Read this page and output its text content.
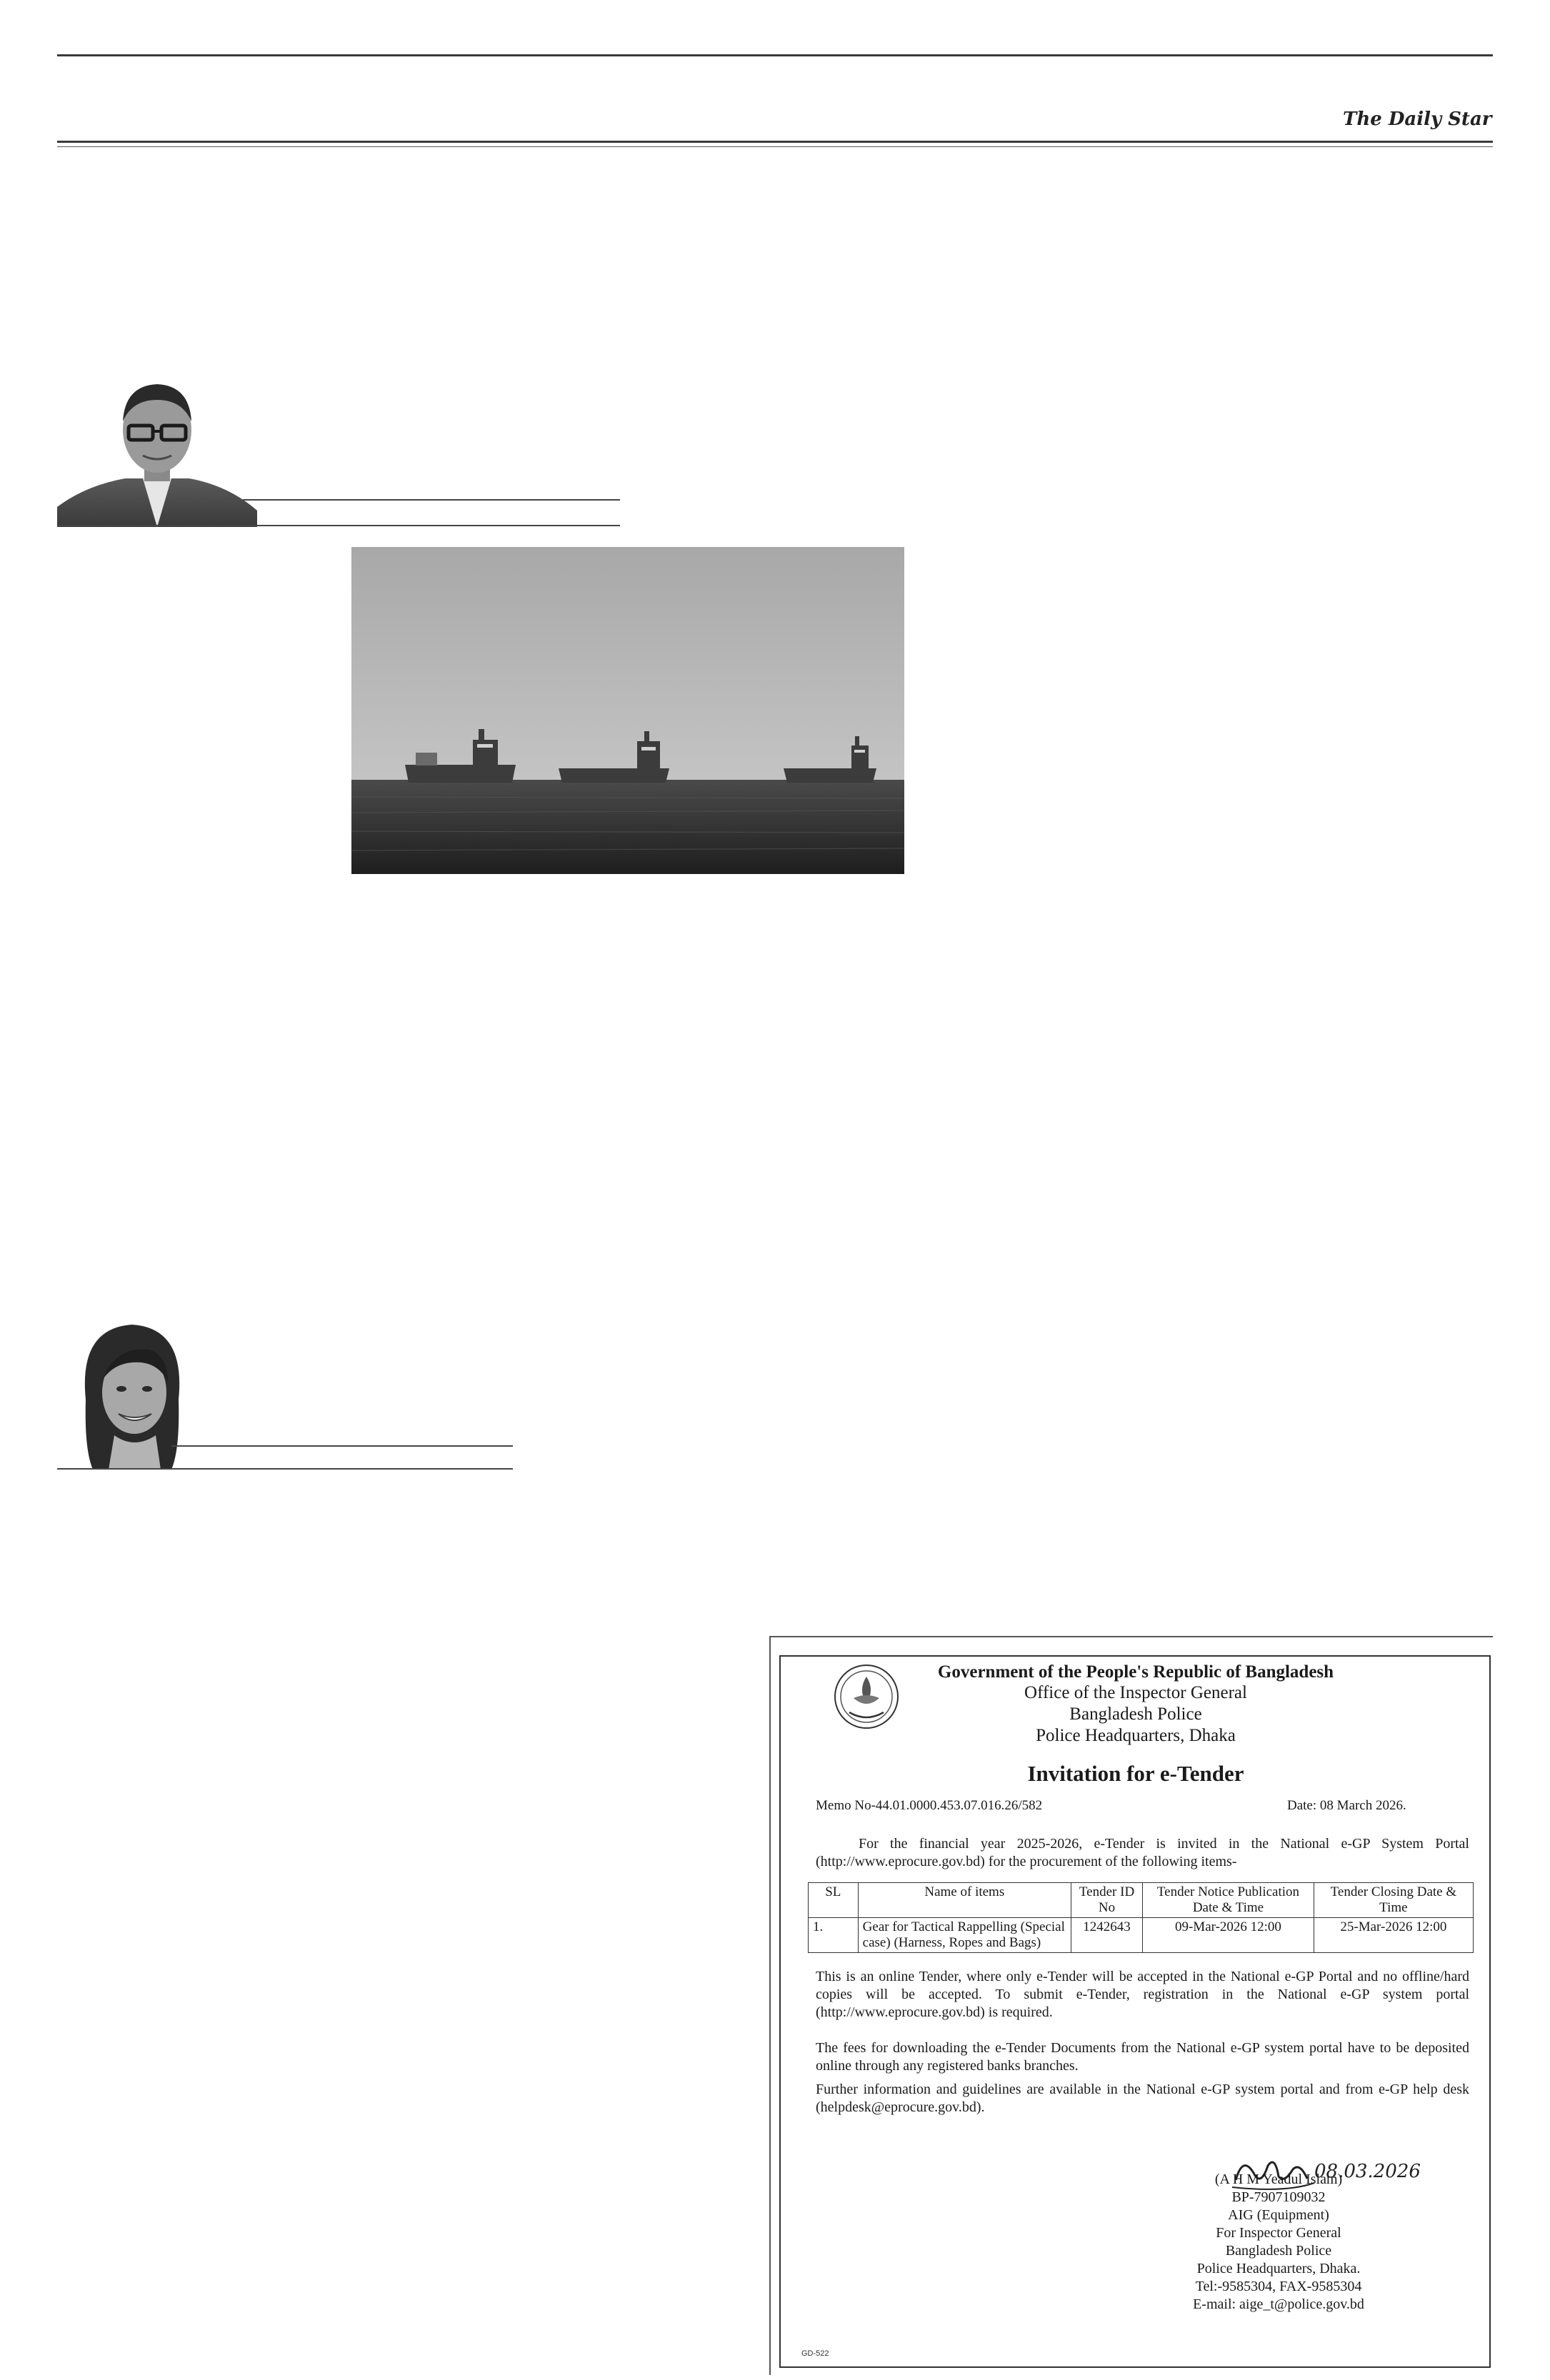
The Daily Star
Government of the People's Republic of Bangladesh
Office of the Inspector General
Bangladesh Police
Police Headquarters, Dhaka
Invitation for e-Tender
Memo No-44.01.0000.453.07.016.26/582	Date: 08 March 2026.
For the financial year 2025-2026, e-Tender is invited in the National e-GP System Portal (http://www.eprocure.gov.bd) for the procurement of the following items-
SL	Name of items	Tender ID No	Tender Notice Publication Date & Time	Tender Closing Date & Time
1.	Gear for Tactical Rappelling (Special case) (Harness, Ropes and Bags)	1242643	09-Mar-2026 12:00	25-Mar-2026 12:00
This is an online Tender, where only e-Tender will be accepted in the National e-GP Portal and no offline/hard copies will be accepted. To submit e-Tender, registration in the National e-GP system portal (http://www.eprocure.gov.bd) is required.
The fees for downloading the e-Tender Documents from the National e-GP system portal have to be deposited online through any registered banks branches.
Further information and guidelines are available in the National e-GP system portal and from e-GP help desk (helpdesk@eprocure.gov.bd).
08.03.2026
(A H M Yeadul Islam)
BP-7907109032
AIG (Equipment)
For Inspector General
Bangladesh Police
Police Headquarters, Dhaka.
Tel:-9585304, FAX-9585304
E-mail: aige_t@police.gov.bd
GD-522
